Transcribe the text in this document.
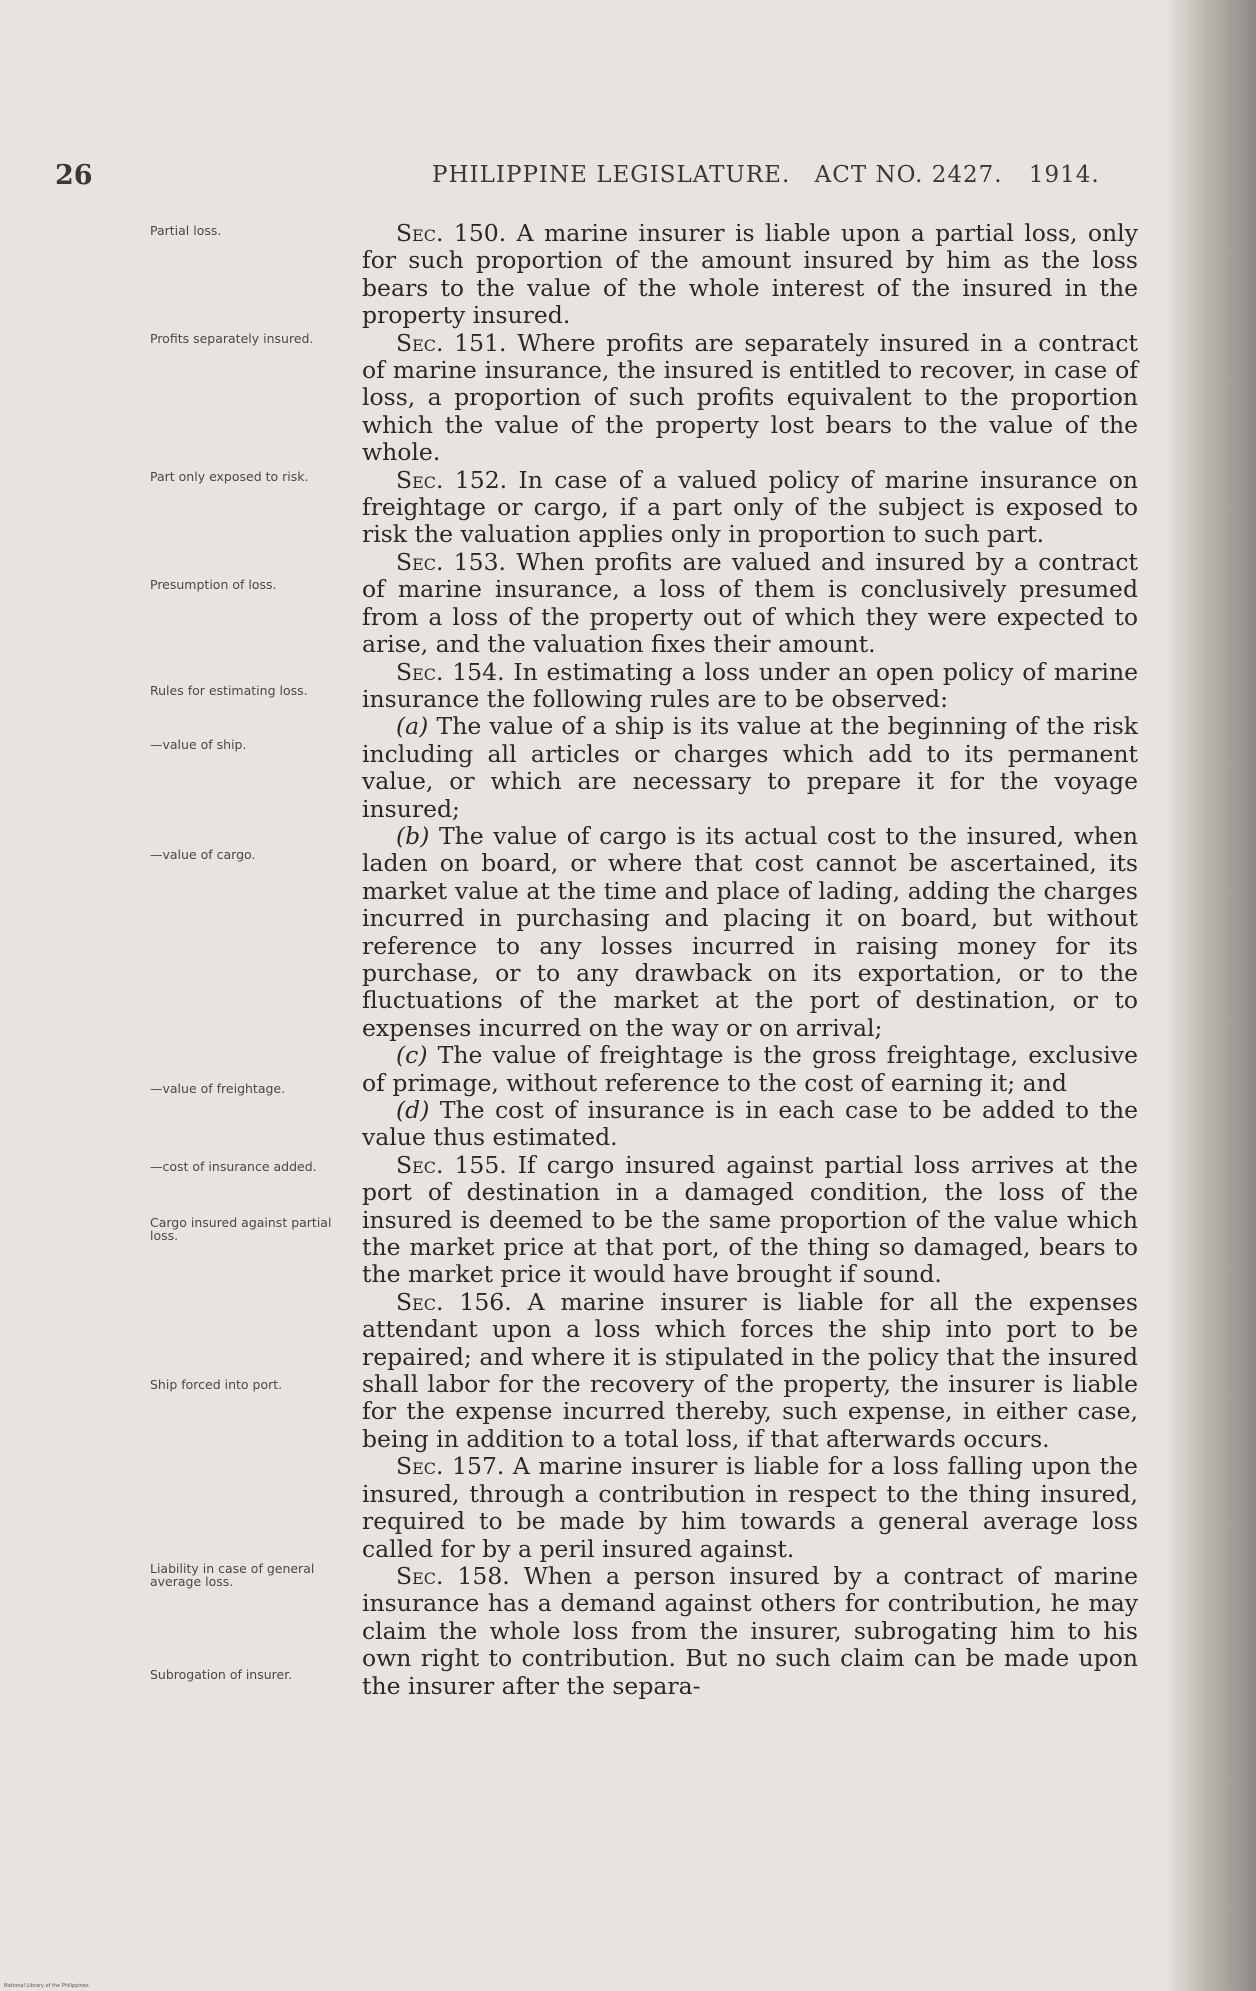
26	PHILIPPINE LEGISLATURE. ACT NO. 2427. 1914.
Partial loss.
Profits separately insured.
Part only exposed to risk.
Presumption of loss.
Rules for estimating loss.
—value of ship.
—value of cargo.
—value of freightage.
—cost of insurance added.
Cargo insured against partial loss.
Ship forced into port.
Liability in case of general average loss.
Subrogation of insurer.

Sec. 150. A marine insurer is liable upon a partial loss, only for such proportion of the amount insured by him as the loss bears to the value of the whole interest of the insured in the property insured.

Sec. 151. Where profits are separately insured in a contract of marine insurance, the insured is entitled to recover, in case of loss, a proportion of such profits equivalent to the proportion which the value of the property lost bears to the value of the whole.

Sec. 152. In case of a valued policy of marine insurance on freightage or cargo, if a part only of the subject is exposed to risk the valuation applies only in proportion to such part.

Sec. 153. When profits are valued and insured by a contract of marine insurance, a loss of them is conclusively presumed from a loss of the property out of which they were expected to arise, and the valuation fixes their amount.

Sec. 154. In estimating a loss under an open policy of marine insurance the following rules are to be observed:

(a) The value of a ship is its value at the beginning of the risk including all articles or charges which add to its permanent value, or which are necessary to prepare it for the voyage insured;

(b) The value of cargo is its actual cost to the insured, when laden on board, or where that cost cannot be ascertained, its market value at the time and place of lading, adding the charges incurred in purchasing and placing it on board, but without reference to any losses incurred in raising money for its purchase, or to any drawback on its exportation, or to the fluctuations of the market at the port of destination, or to expenses incurred on the way or on arrival;

(c) The value of freightage is the gross freightage, exclusive of primage, without reference to the cost of earning it; and

(d) The cost of insurance is in each case to be added to the value thus estimated.

Sec. 155. If cargo insured against partial loss arrives at the port of destination in a damaged condition, the loss of the insured is deemed to be the same proportion of the value which the market price at that port, of the thing so damaged, bears to the market price it would have brought if sound.

Sec. 156. A marine insurer is liable for all the expenses attendant upon a loss which forces the ship into port to be repaired; and where it is stipulated in the policy that the insured shall labor for the recovery of the property, the insurer is liable for the expense incurred thereby, such expense, in either case, being in addition to a total loss, if that afterwards occurs.

Sec. 157. A marine insurer is liable for a loss falling upon the insured, through a contribution in respect to the thing insured, required to be made by him towards a general average loss called for by a peril insured against.

Sec. 158. When a person insured by a contract of marine insurance has a demand against others for contribution, he may claim the whole loss from the insurer, subrogating him to his own right to contribution. But no such claim can be made upon the insurer after the separa-

National Library of the Philippines
